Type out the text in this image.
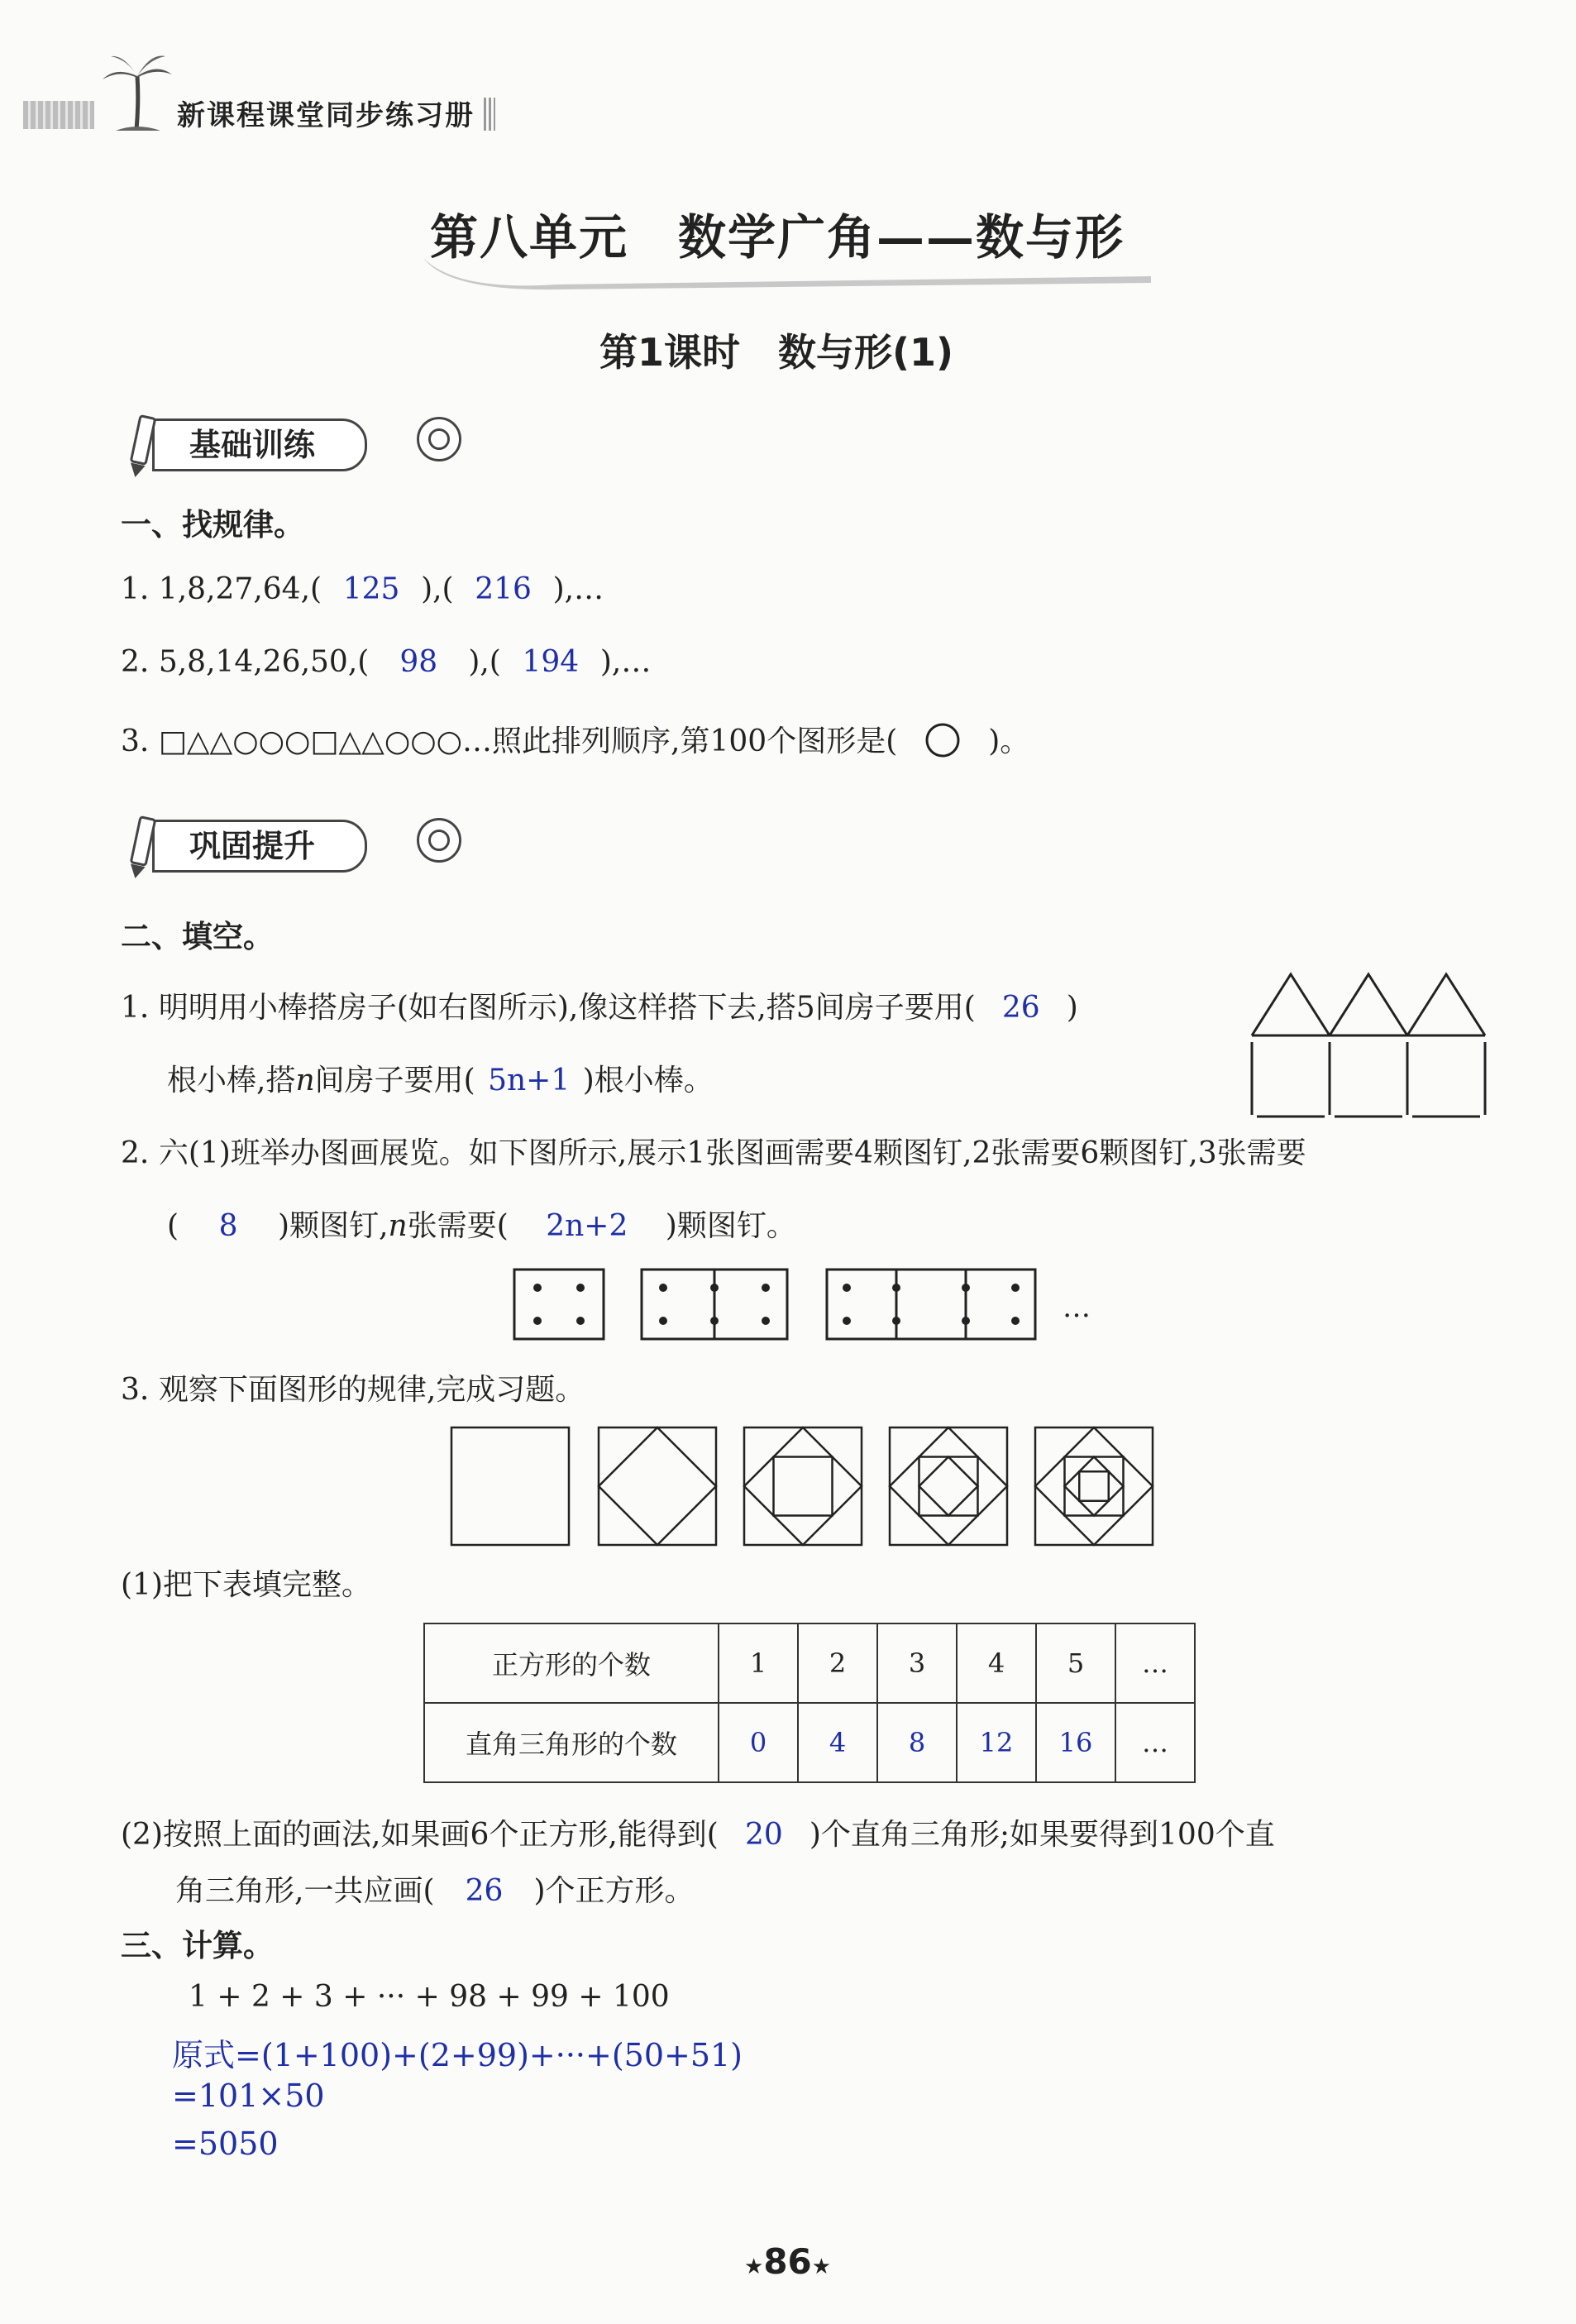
新课程课堂同步练习册
第八单元　数学广角——数与形
第1课时　数与形(1)
基础训练
一、找规律。
1. 1,8,27,64,( 125 ),( 216 ),…
2. 5,8,14,26,50,( 98 ),( 194 ),…
3. □△△○○○□△△○○○…照此排列顺序,第100个图形是(	)。
巩固提升
二、填空。
1. 明明用小棒搭房子(如右图所示),像这样搭下去,搭5间房子要用( 26 )
根小棒,搭n间房子要用( 5n+1 )根小棒。
2. 六(1)班举办图画展览。如下图所示,展示1张图画需要4颗图钉,2张需要6颗图钉,3张需要
( 8 )颗图钉,n张需要( 2n+2 )颗图钉。
…
3. 观察下面图形的规律,完成习题。
(1)把下表填完整。
正方形的个数	1	2	3	4	5	…
直角三角形的个数	0	4	8	12	16	…
(2)按照上面的画法,如果画6个正方形,能得到( 20 )个直角三角形;如果要得到100个直
角三角形,一共应画( 26 )个正方形。
三、计算。
1 + 2 + 3 + ··· + 98 + 99 + 100
原式=(1+100)+(2+99)+···+(50+51)
=101×50
=5050
★86★
